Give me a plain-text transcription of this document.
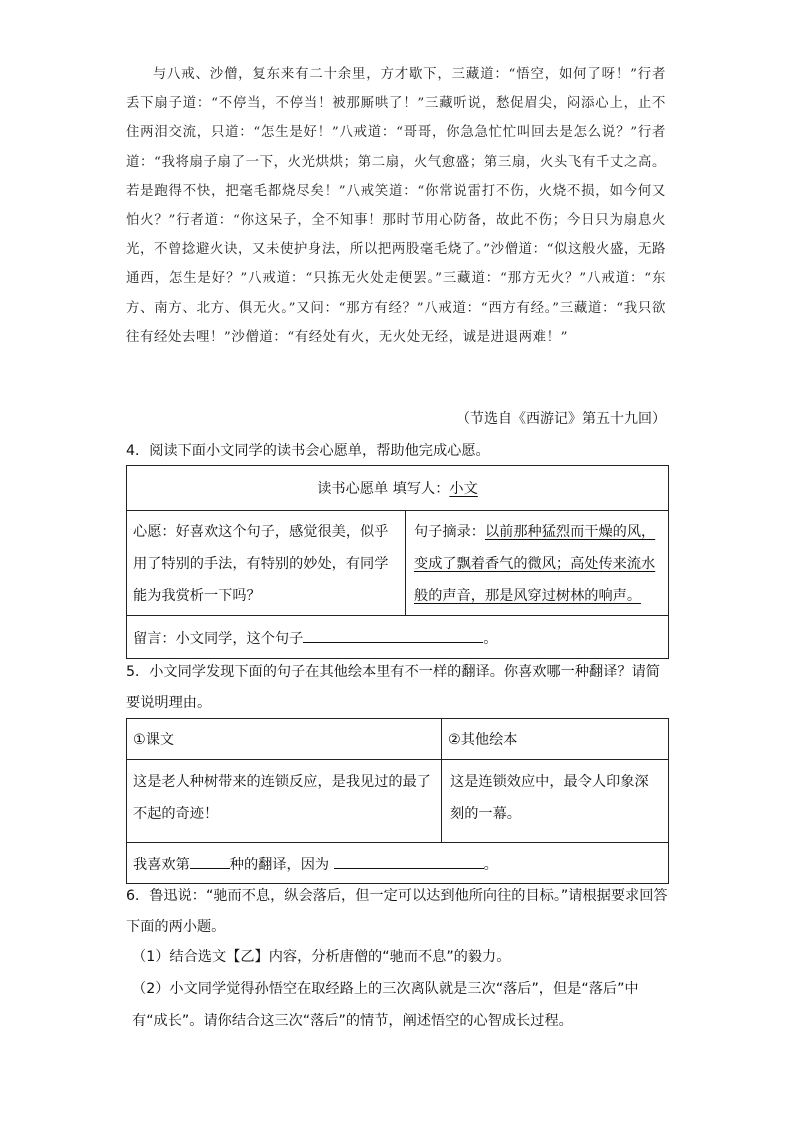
与八戒、沙僧，复东来有二十余里，方才歇下，三藏道：“悟空，如何了呀！”行者丢下扇子道：“不停当，不停当！被那厮哄了！”三藏听说，愁促眉尖，闷添心上，止不住两泪交流，只道：“怎生是好！”八戒道：“哥哥，你急急忙忙叫回去是怎么说？”行者道：“我将扇子扇了一下，火光烘烘；第二扇，火气愈盛；第三扇，火头飞有千丈之高。若是跑得不快，把毫毛都烧尽矣！”八戒笑道：“你常说雷打不伤，火烧不损，如今何又怕火？”行者道：“你这呆子，全不知事！那时节用心防备，故此不伤；今日只为扇息火光，不曾捻避火诀，又未使护身法，所以把两股毫毛烧了。”沙僧道：“似这般火盛，无路通西，怎生是好？”八戒道：“只拣无火处走便罢。”三藏道：“那方无火？”八戒道：“东方、南方、北方、俱无火。”又问：“那方有经？”八戒道：“西方有经。”三藏道：“我只欲往有经处去哩！”沙僧道：“有经处有火，无火处无经，诚是进退两难！”
（节选自《西游记》第五十九回）
4．阅读下面小文同学的读书会心愿单，帮助他完成心愿。
读书心愿单 填写人：小文
心愿：好喜欢这个句子，感觉很美，似乎用了特别的手法，有特别的妙处，有同学能为我赏析一下吗？	句子摘录：以前那种猛烈而干燥的风，变成了飘着香气的微风；高处传来流水般的声音，那是风穿过树林的响声。
留言：小文同学，这个句子	。
5．小文同学发现下面的句子在其他绘本里有不一样的翻译。你喜欢哪一种翻译？请简要说明理由。
①课文	②其他绘本
这是老人种树带来的连锁反应，是我见过的最了不起的奇迹！	这是连锁效应中，最令人印象深刻的一幕。
我喜欢第 种的翻译，因为 。	
6．鲁迅说：“驰而不息，纵会落后，但一定可以达到他所向往的目标。”请根据要求回答下面的两小题。
（1）结合选文【乙】内容，分析唐僧的“驰而不息”的毅力。
（2）小文同学觉得孙悟空在取经路上的三次离队就是三次“落后”，但是“落后”中有“成长”。请你结合这三次“落后”的情节，阐述悟空的心智成长过程。
